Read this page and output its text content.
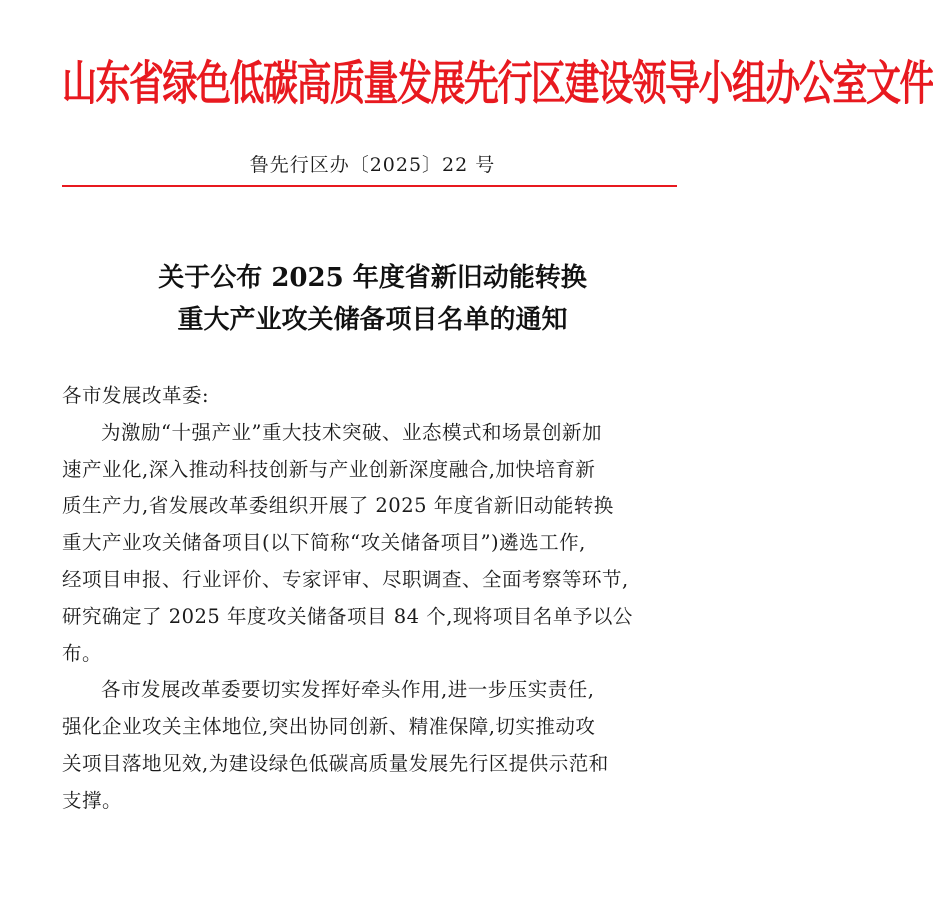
山东省绿色低碳高质量发展先行区建设领导小组办公室文件
鲁先行区办〔2025〕22 号
关于公布 2025 年度省新旧动能转换
重大产业攻关储备项目名单的通知
各市发展改革委:
为激励“十强产业”重大技术突破、业态模式和场景创新加
速产业化,深入推动科技创新与产业创新深度融合,加快培育新
质生产力,省发展改革委组织开展了 2025 年度省新旧动能转换
重大产业攻关储备项目(以下简称“攻关储备项目”)遴选工作,
经项目申报、行业评价、专家评审、尽职调查、全面考察等环节,
研究确定了 2025 年度攻关储备项目 84 个,现将项目名单予以公
布。
各市发展改革委要切实发挥好牵头作用,进一步压实责任,
强化企业攻关主体地位,突出协同创新、精准保障,切实推动攻
关项目落地见效,为建设绿色低碳高质量发展先行区提供示范和
支撑。
